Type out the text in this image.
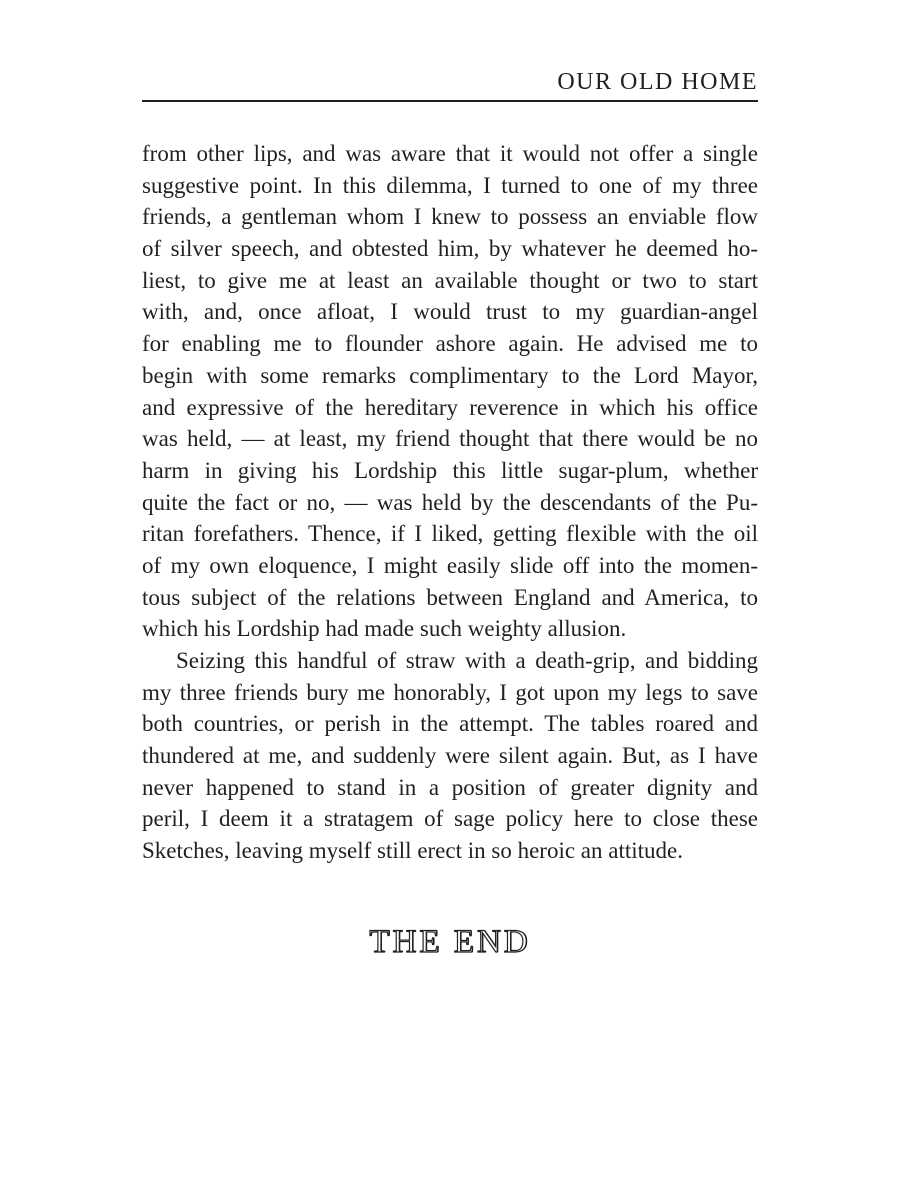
OUR OLD HOME
from other lips, and was aware that it would not offer a single
suggestive point. In this dilemma, I turned to one of my three
friends, a gentleman whom I knew to possess an enviable flow
of silver speech, and obtested him, by whatever he deemed ho-
liest, to give me at least an available thought or two to start
with, and, once afloat, I would trust to my guardian-angel
for enabling me to flounder ashore again. He advised me to
begin with some remarks complimentary to the Lord Mayor,
and expressive of the hereditary reverence in which his office
was held, — at least, my friend thought that there would be no
harm in giving his Lordship this little sugar-plum, whether
quite the fact or no, — was held by the descendants of the Pu-
ritan forefathers. Thence, if I liked, getting flexible with the oil
of my own eloquence, I might easily slide off into the momen-
tous subject of the relations between England and America, to
which his Lordship had made such weighty allusion.
Seizing this handful of straw with a death-grip, and bidding
my three friends bury me honorably, I got upon my legs to save
both countries, or perish in the attempt. The tables roared and
thundered at me, and suddenly were silent again. But, as I have
never happened to stand in a position of greater dignity and
peril, I deem it a stratagem of sage policy here to close these
Sketches, leaving myself still erect in so heroic an attitude.
THE END
